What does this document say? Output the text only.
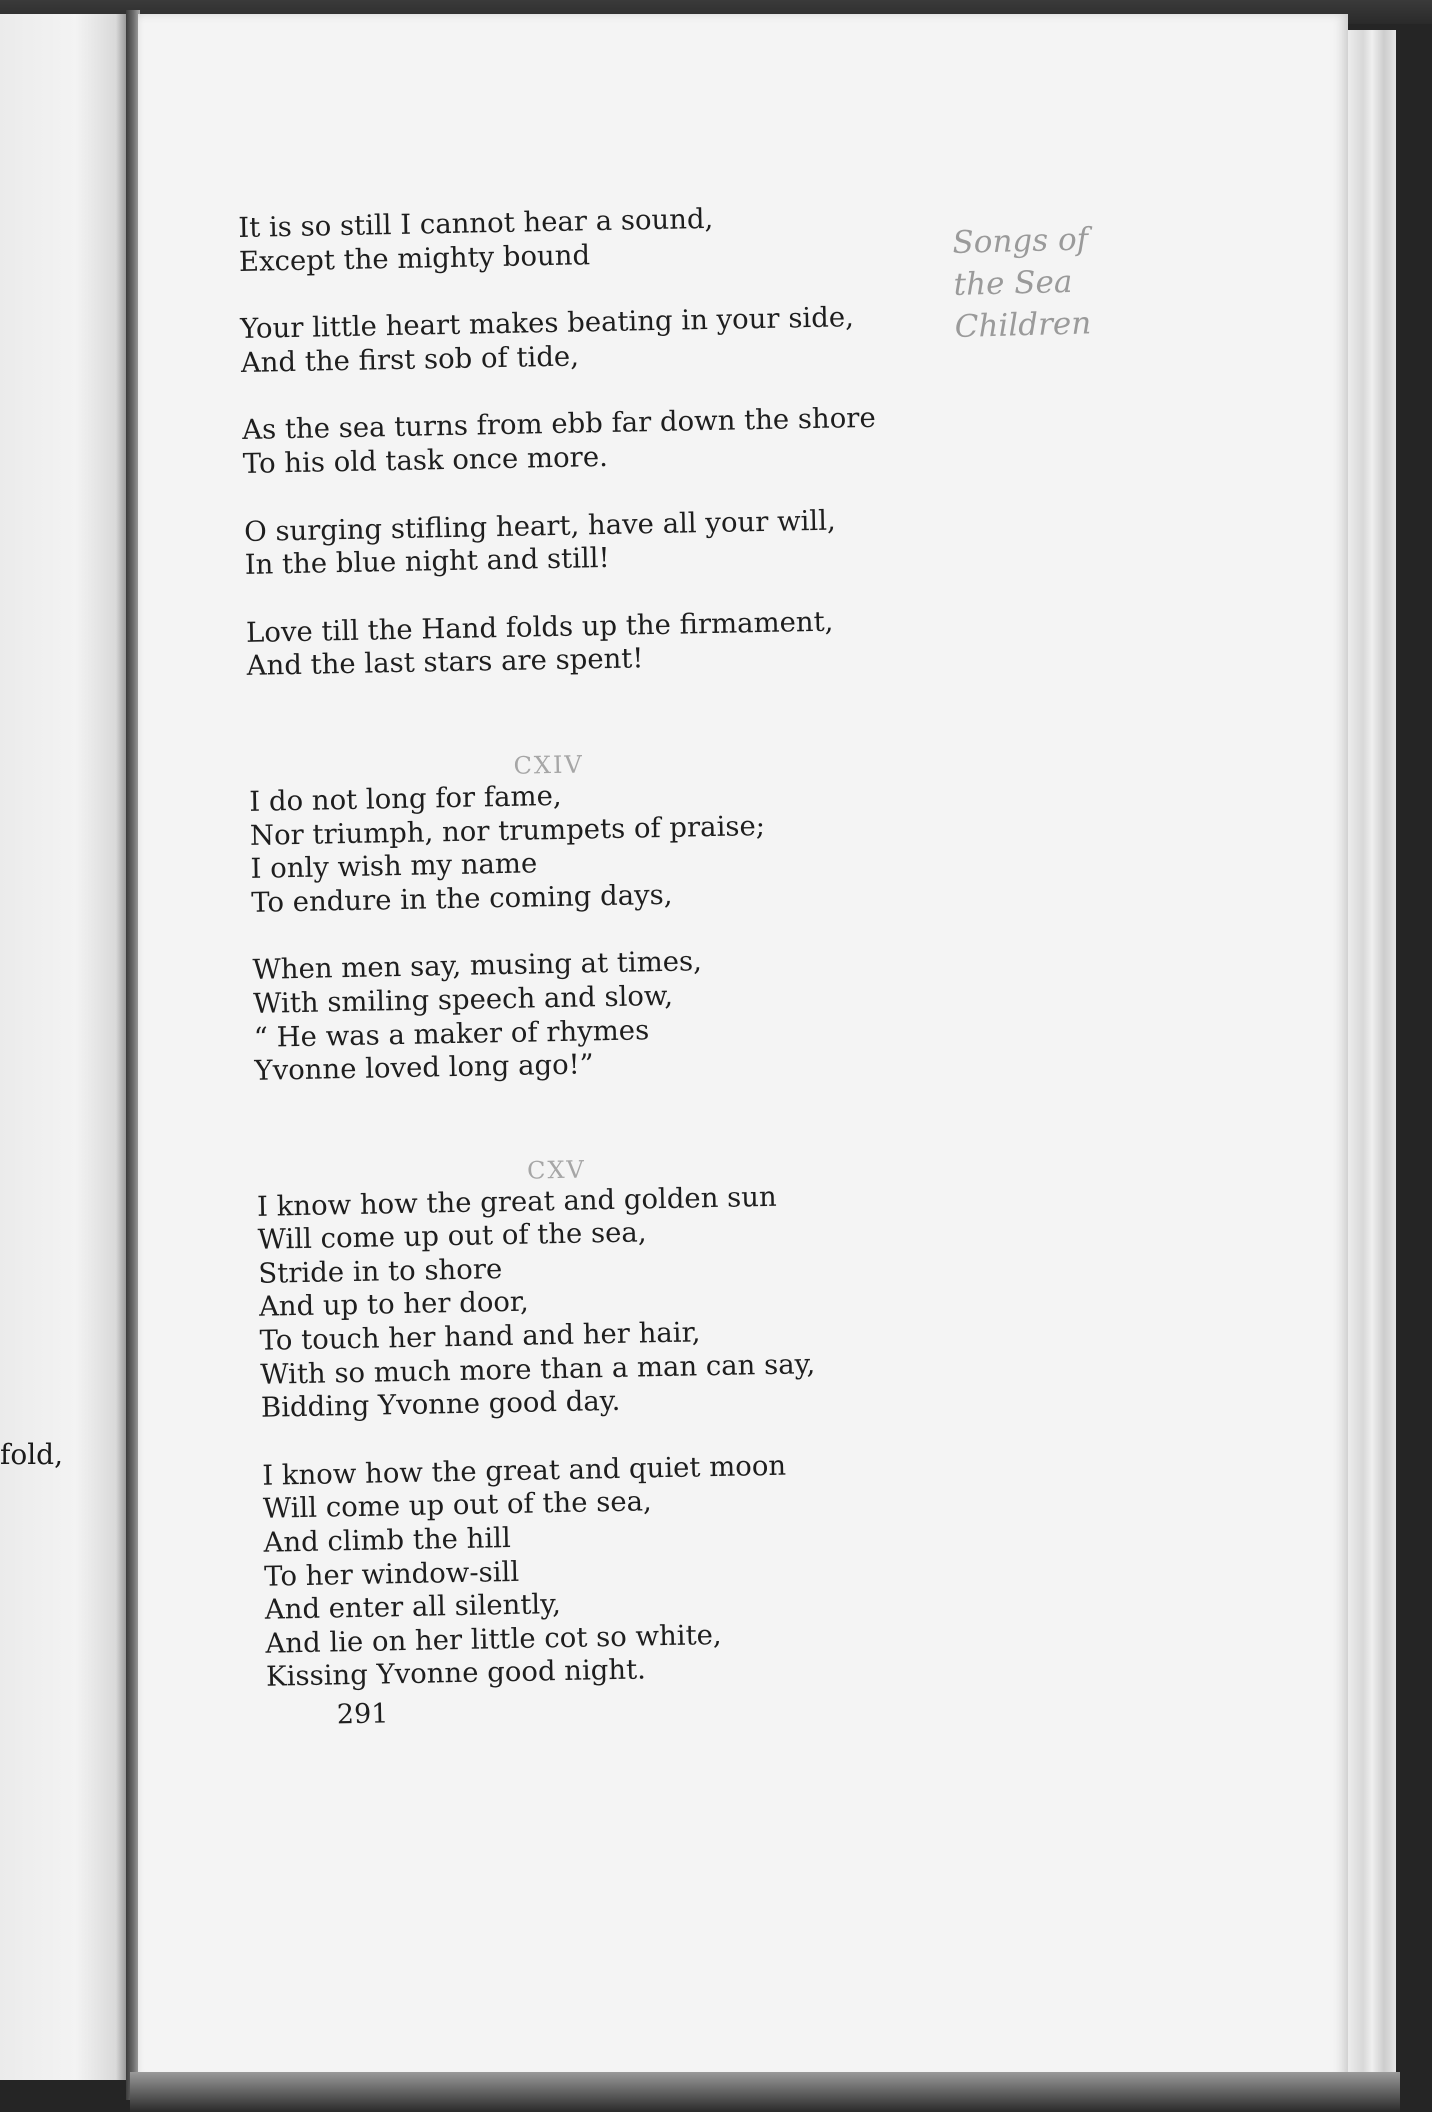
fold,
Songs of
the Sea
Children
It is so still I cannot hear a sound,
Except the mighty bound
Your little heart makes beating in your side,
And the first sob of tide,
As the sea turns from ebb far down the shore
To his old task once more.
O surging stifling heart, have all your will,
In the blue night and still!
Love till the Hand folds up the firmament,
And the last stars are spent!
CXIV
I do not long for fame,
Nor triumph, nor trumpets of praise;
I only wish my name
To endure in the coming days,
When men say, musing at times,
With smiling speech and slow,
“ He was a maker of rhymes
Yvonne loved long ago!”
CXV
I know how the great and golden sun
Will come up out of the sea,
Stride in to shore
And up to her door,
To touch her hand and her hair,
With so much more than a man can say,
Bidding Yvonne good day.
I know how the great and quiet moon
Will come up out of the sea,
And climb the hill
To her window-sill
And enter all silently,
And lie on her little cot so white,
Kissing Yvonne good night.
291
